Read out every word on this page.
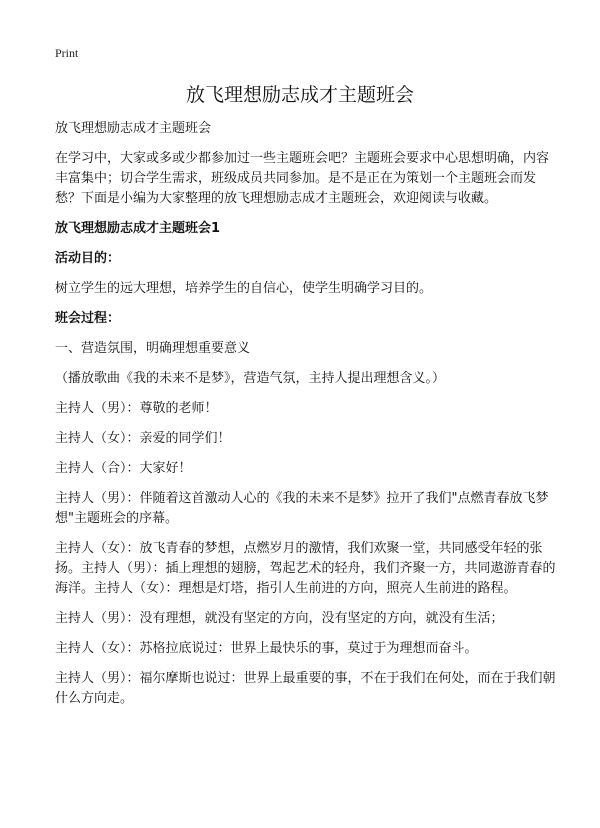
Print
放飞理想励志成才主题班会

放飞理想励志成才主题班会

在学习中，大家或多或少都参加过一些主题班会吧？主题班会要求中心思想明确，内容丰富集中；切合学生需求，班级成员共同参加。是不是正在为策划一个主题班会而发愁？下面是小编为大家整理的放飞理想励志成才主题班会，欢迎阅读与收藏。

放飞理想励志成才主题班会1

活动目的：

树立学生的远大理想，培养学生的自信心，使学生明确学习目的。

班会过程：

一、营造氛围，明确理想重要意义

（播放歌曲《我的未来不是梦》，营造气氛，主持人提出理想含义。）

主持人（男）：尊敬的老师！

主持人（女）：亲爱的同学们！

主持人（合）：大家好！

主持人（男）：伴随着这首激动人心的《我的未来不是梦》拉开了我们"点燃青春放飞梦想"主题班会的序幕。

主持人（女）：放飞青春的梦想，点燃岁月的激情，我们欢聚一堂，共同感受年轻的张扬。主持人（男）：插上理想的翅膀，驾起艺术的轻舟，我们齐聚一方，共同遨游青春的海洋。主持人（女）：理想是灯塔，指引人生前进的方向，照亮人生前进的路程。

主持人（男）：没有理想，就没有坚定的方向，没有坚定的方向，就没有生活；

主持人（女）：苏格拉底说过：世界上最快乐的事，莫过于为理想而奋斗。

主持人（男）：福尔摩斯也说过：世界上最重要的事，不在于我们在何处，而在于我们朝什么方向走。
